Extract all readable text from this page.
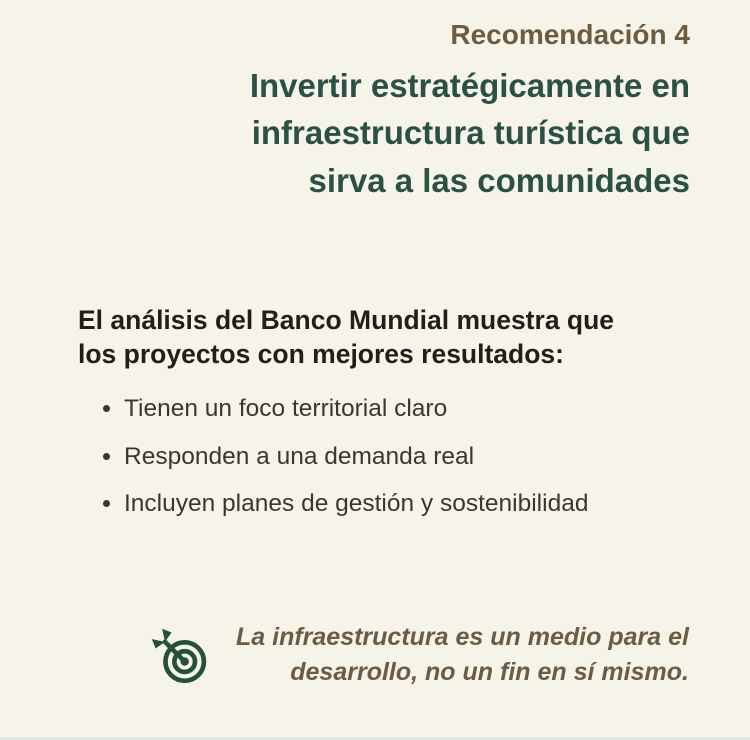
Recomendación 4
Invertir estratégicamente en
infraestructura turística que
sirva a las comunidades
El análisis del Banco Mundial muestra que
los proyectos con mejores resultados:
• Tienen un foco territorial claro
• Responden a una demanda real
• Incluyen planes de gestión y sostenibilidad
La infraestructura es un medio para el
desarrollo, no un fin en sí mismo.
